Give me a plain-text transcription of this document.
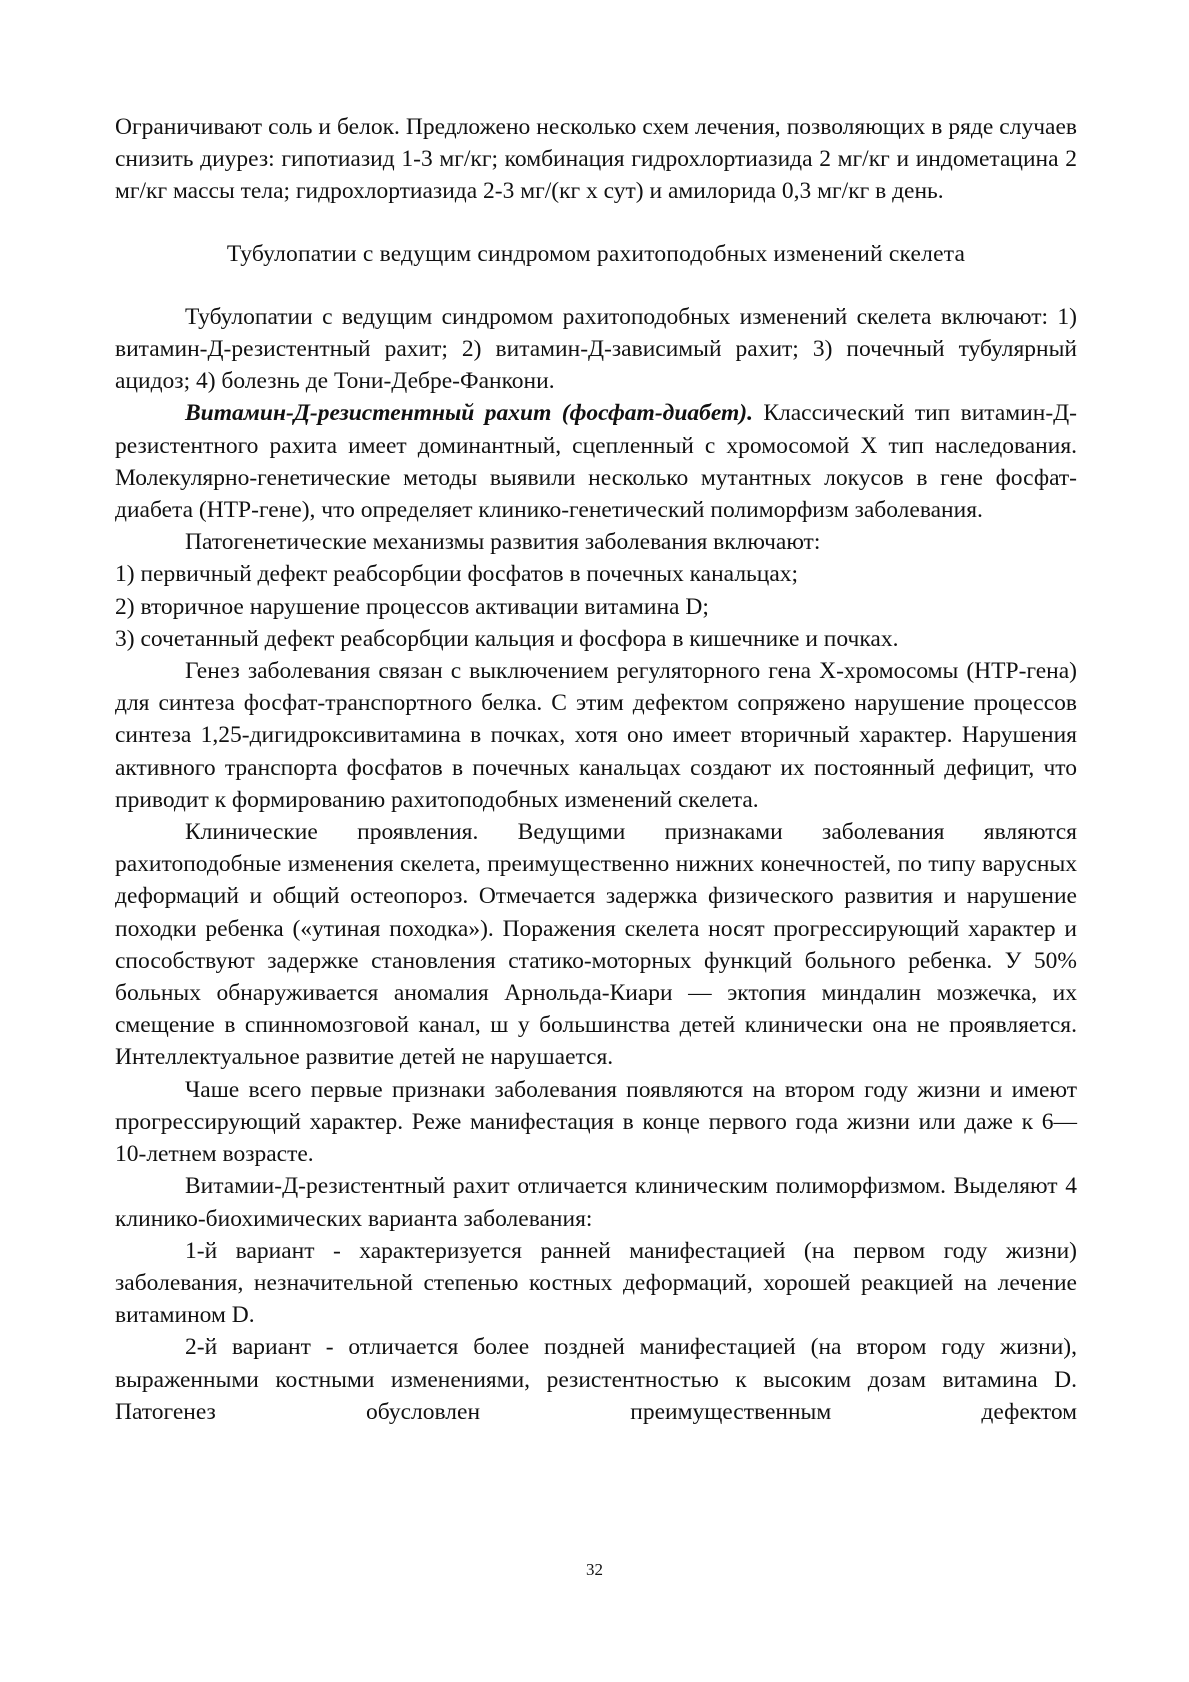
Ограничивают соль и белок. Предложено несколько схем лечения, позволяющих в ряде случаев снизить диурез: гипотиазид 1-3 мг/кг; комбинация гидрохлортиазида 2 мг/кг и индометацина 2 мг/кг массы тела; гидрохлортиазида 2-3 мг/(кг х сут) и амилорида 0,3 мг/кг в день.

Тубулопатии с ведущим синдромом рахитоподобных изменений скелета

Тубулопатии с ведущим синдромом рахитоподобных изменений скелета включают: 1) витамин-Д-резистентный рахит; 2) витамин-Д-зависимый рахит; 3) почечный тубулярный ацидоз; 4) болезнь де Тони-Дебре-Фанкони.

Витамин-Д-резистентный рахит (фосфат-диабет). Классический тип витамин-Д-резистентного рахита имеет доминантный, сцепленный с хромосомой X тип наследования. Молекулярно-генетические методы выявили несколько мутантных локусов в гене фосфат-диабета (HTP-гене), что определяет клинико-генетический полиморфизм заболевания.

Патогенетические механизмы развития заболевания включают:

1) первичный дефект реабсорбции фосфатов в почечных канальцах;

2) вторичное нарушение процессов активации витамина D;

3) сочетанный дефект реабсорбции кальция и фосфора в кишечнике и почках.

Генез заболевания связан с выключением регуляторного гена X-хромосомы (HTP-гена) для синтеза фосфат-транспортного белка. С этим дефектом сопряжено нарушение процессов синтеза 1,25-дигидроксивитамина в почках, хотя оно имеет вторичный характер. Нарушения активного транспорта фосфатов в почечных канальцах создают их постоянный дефицит, что приводит к формированию рахитоподобных изменений скелета.

Клинические проявления. Ведущими признаками заболевания являются рахитоподобные изменения скелета, преимущественно нижних конечностей, по типу варусных деформаций и общий остеопороз. Отмечается задержка физического развития и нарушение походки ребенка («утиная походка»). Поражения скелета носят прогрессирующий характер и способствуют задержке становления статико-моторных функций больного ребенка. У 50% больных обнаруживается аномалия Арнольда-Киари — эктопия миндалин мозжечка, их смещение в спинномозговой канал, ш у большинства детей клинически она не проявляется. Интеллектуальное развитие детей не нарушается.

Чаше всего первые признаки заболевания появляются на втором году жизни и имеют прогрессирующий характер. Реже манифестация в конце первого года жизни или даже к 6— 10-летнем возрасте.

Витамии-Д-резистентный рахит отличается клиническим полиморфизмом. Выделяют 4 клинико-биохимических варианта заболевания:

1-й вариант - характеризуется ранней манифестацией (на первом году жизни) заболевания, незначительной степенью костных деформаций, хорошей реакцией на лечение витамином D.

2-й вариант - отличается более поздней манифестацией (на втором году жизни), выраженными костными изменениями, резистентностью к высоким дозам витамина D. Патогенез обусловлен преимущественным дефектом

32
